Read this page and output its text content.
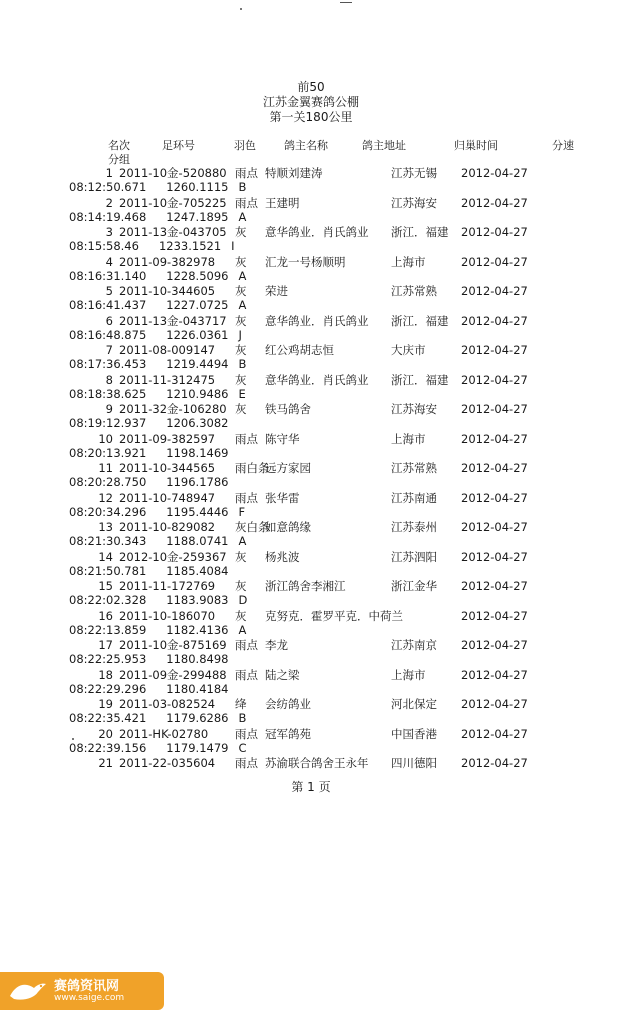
前50
江苏金翼赛鸽公棚
第一关180公里
名次	足环号	羽色	鸽主名称	鸽主地址	归巢时间	分速
分组
1 2011-10金-520880 雨点 特顺刘建涛	江苏无锡 2012-04-27
08:12:50.671 1260.1115 B
2 2011-10金-705225 雨点 王建明	江苏海安 2012-04-27
08:14:19.468 1247.1895 A
3 2011-13金-043705 灰 意华鸽业．肖氏鸽业 浙江．福建 2012-04-27
08:15:58.46 1233.1521 I
4 2011-09-382978 灰 汇龙一号杨顺明	上海市	2012-04-27
08:16:31.140 1228.5096 A
5 2011-10-344605 灰 荣进	江苏常熟 2012-04-27
08:16:41.437 1227.0725 A
6 2011-13金-043717 灰 意华鸽业．肖氏鸽业 浙江．福建 2012-04-27
08:16:48.875 1226.0361 J
7 2011-08-009147 灰 红公鸡胡志恒	大庆市	2012-04-27
08:17:36.453 1219.4494 B
8 2011-11-312475 灰 意华鸽业．肖氏鸽业 浙江．福建 2012-04-27
08:18:38.625 1210.9486 E
9 2011-32金-106280 灰 铁马鸽舍	江苏海安 2012-04-27
08:19:12.937 1206.3082
10 2011-09-382597 雨点 陈守华	上海市	2012-04-27
08:20:13.921 1198.1469
11 2011-10-344565 雨白条远方家园	江苏常熟 2012-04-27
08:20:28.750 1196.1786
12 2011-10-748947 雨点 张华雷	江苏南通 2012-04-27
08:20:34.296 1195.4446 F
13 2011-10-829082 灰白条如意鸽缘	江苏泰州 2012-04-27
08:21:30.343 1188.0741 A
14 2012-10金-259367 灰 杨兆波	江苏泗阳 2012-04-27
08:21:50.781 1185.4084
15 2011-11-172769 灰 浙江鸽舍李湘江	浙江金华 2012-04-27
08:22:02.328 1183.9083 D
16 2011-10-186070 灰 克努克．霍罗平克．中荷兰	2012-04-27
08:22:13.859 1182.4136 A
17 2011-10金-875169 雨点 李龙	江苏南京 2012-04-27
08:22:25.953 1180.8498
18 2011-09金-299488 雨点 陆之梁	上海市	2012-04-27
08:22:29.296 1180.4184
19 2011-03-082524 绛 会纺鸽业	河北保定 2012-04-27
08:22:35.421 1179.6286 B
20 2011-HK-02780 雨点 冠军鸽苑	中国香港 2012-04-27
08:22:39.156 1179.1479 C
21 2011-22-035604 雨点 苏渝联合鸽舍王永年 四川德阳 2012-04-27
第 1 页
赛鸽资讯网
www.saige.com
